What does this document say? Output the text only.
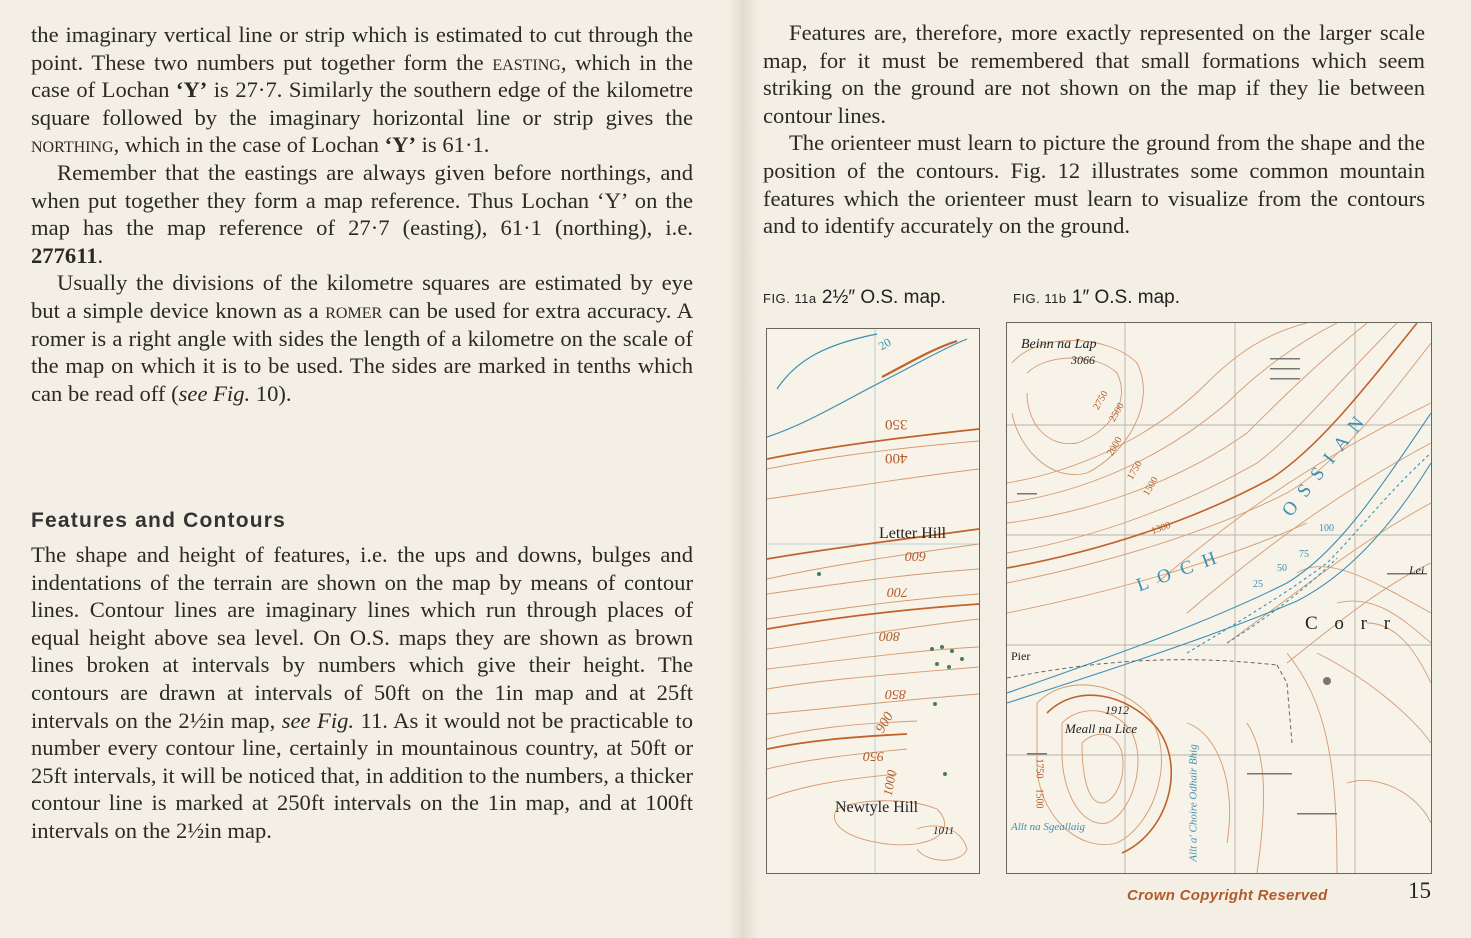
the imaginary vertical line or strip which is estimated to cut through the point. These two numbers put together form the easting, which in the case of Lochan ‘Y’ is 27·7. Similarly the southern edge of the kilometre square followed by the imaginary horizontal line or strip gives the northing, which in the case of Lochan ‘Y’ is 61·1.

Remember that the eastings are always given before northings, and when put together they form a map reference. Thus Lochan ‘Y’ on the map has the map reference of 27·7 (easting), 61·1 (northing), i.e. 277611.

Usually the divisions of the kilometre squares are estimated by eye but a simple device known as a romer can be used for extra accuracy. A romer is a right angle with sides the length of a kilometre on the scale of the map on which it is to be used. The sides are marked in tenths which can be read off (see Fig. 10).

Features and Contours

The shape and height of features, i.e. the ups and downs, bulges and indentations of the terrain are shown on the map by means of contour lines. Contour lines are imaginary lines which run through places of equal height above sea level. On O.S. maps they are shown as brown lines broken at intervals by numbers which give their height. The contours are drawn at intervals of 50ft on the 1in map and at 25ft intervals on the 2½in map, see Fig. 11. As it would not be practicable to number every contour line, certainly in mountainous country, at 50ft or 25ft intervals, it will be noticed that, in addition to the numbers, a thicker contour line is marked at 250ft intervals on the 1in map, and at 100ft intervals on the 2½in map.

Features are, therefore, more exactly represented on the larger scale map, for it must be remembered that small formations which seem striking on the ground are not shown on the map if they lie between contour lines.

The orienteer must learn to picture the ground from the shape and the position of the contours. Fig. 12 illustrates some common mountain features which the orienteer must learn to visualize from the contours and to identify accurately on the ground.

FIG. 11a 2½″ O.S. map.	FIG. 11b 1″ O.S. map.

20
350
400
Letter Hill
600
700
800
850
900
950
1000
Newtyle Hill
1011
Beinn na Lap
3066
2750
2500
2000
1750
1500
1300
L O C H
O S S I A N
100
75
50
25
Lei
C o r r
Pier
1912
Meall na Lice
1750
1500	Allt a' Choire Odhair Bhig
Allt na Sgeallaig

Crown Copyright Reserved	15
